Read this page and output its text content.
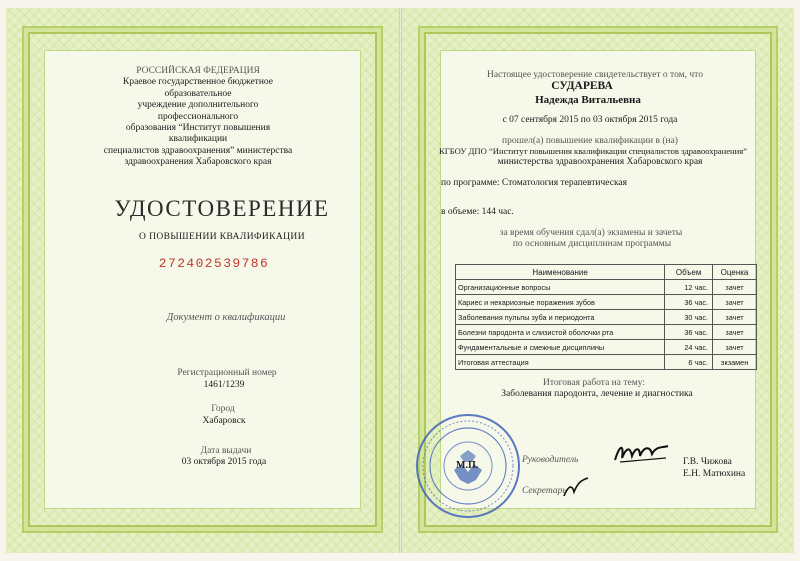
РОССИЙСКАЯ ФЕДЕРАЦИЯ
Краевое государственное бюджетное образовательное
учреждение дополнительного профессионального
образования “Институт повышения квалификации
специалистов здравоохранения” министерства
здравоохранения Хабаровского края
УДОСТОВЕРЕНИЕ
О ПОВЫШЕНИИ КВАЛИФИКАЦИИ
272402539786
Документ о квалификации
Регистрационный номер
1461/1239
Город
Хабаровск
Дата выдачи
03 октября 2015 года
Настоящее удостоверение свидетельствует о том, что
СУДАРЕВА
Надежда Витальевна
с 07 сентября 2015 по 03 октября 2015 года
прошел(а) повышение квалификации в (на)
КГБОУ ДПО “Институт повышения квалификации специалистов здравоохранения”
министерства здравоохранения Хабаровского края
по программе: Стоматология терапевтическая
в объеме: 144 час.
за время обучения сдал(а) экзамены и зачеты
по основным дисциплинам программы
Наименование	Объем	Оценка
Организационные вопросы	12 час.	зачет
Кариес и некариозные поражения зубов	36 час.	зачет
Заболевания пульпы зуба и периодонта	30 час.	зачет
Болезни пародонта и слизистой оболочки рта	36 час.	зачет
Фундаментальные и смежные дисциплины	24 час.	зачет
Итоговая аттестация	6 час.	экзамен
Итоговая работа на тему:
Заболевания пародонта, лечение и диагностика
М.П.	Руководитель
Секретарь
Г.В. Чижова
Е.Н. Матюхина
